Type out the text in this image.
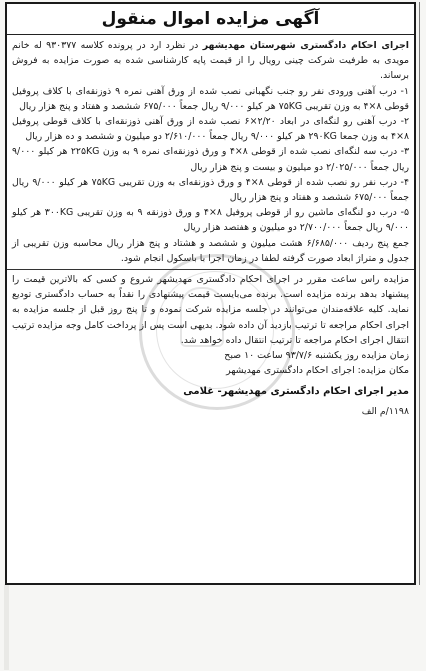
آگهی مزایده اموال منقول

اجرای احکام دادگستری شهرستان مهدیشهر در نظرد ارد در پرونده کلاسه ۹۳۰۳۷۷ له خانم مویدی به طرفیت شرکت چینی رویال را از قیمت پایه کارشناسی شده به صورت مزایده به فروش برساند.

۱- درب آهنی ورودی نفر رو جنب نگهبانی نصب شده از ورق آهنی نمره ۹ ذوزنقه‌ای با کلاف پروفیل قوطی ۸×۴ به وزن تقریبی ۷۵KG هر کیلو ۹/۰۰۰ ریال جمعاً ۶۷۵/۰۰۰ ششصد و هفتاد و پنج هزار ریال

۲- درب آهنی رو لنگه‌ای در ابعاد ۲/۲۰×۶ نصب شده از ورق آهنی ذوزنقه‌ای با کلاف قوطی پروفیل ۸×۴ به وزن جمعا ۲۹۰KG هر کیلو ۹/۰۰۰ ریال جمعاً ۲/۶۱۰/۰۰۰ دو میلیون و ششصد و ده هزار ریال

۳- درب سه لنگه‌ای نصب شده از قوطی ۸×۴ و ورق ذوزنقه‌ای نمره ۹ به وزن ۲۲۵KG هر کیلو ۹/۰۰۰ ریال جمعاً ۲/۰۲۵/۰۰۰ دو میلیون و بیست و پنج هزار ریال

۴- درب نفر رو نصب شده از قوطی ۸×۴ و ورق ذوزنقه‌ای به وزن تقریبی ۷۵KG هر کیلو ۹/۰۰۰ ریال جمعاً ۶۷۵/۰۰۰ ششصد و هفتاد و پنج هزار ریال

۵- درب دو لنگه‌ای ماشین رو از قوطی پروفیل ۸×۴ و ورق ذوزنقه ۹ به وزن تقریبی ۳۰۰KG هر کیلو ۹/۰۰۰ ریال جمعاً ۲/۷۰۰/۰۰۰ دو میلیون و هفتصد هزار ریال

جمع پنج ردیف ۶/۶۸۵/۰۰۰ هشت میلیون و ششصد و هشتاد و پنج هزار ریال محاسبه وزن تقریبی از جدول و متراژ ابعاد صورت گرفته لطفا در زمان اجرا با باسکول انجام شود.

مزایده راس ساعت مقرر در اجرای احکام دادگستری مهدیشهر شروع و کسی که بالاترین قیمت را پیشنهاد بدهد برنده مزایده است. برنده می‌بایست قیمت پیشنهادی را نقداً به حساب دادگستری تودیع نماید. کلیه علاقه‌مندان می‌توانند در جلسه مزایده شرکت نموده و تا پنج روز قبل از جلسه مزایده به اجرای احکام مراجعه تا ترتیب بازدید آن داده شود. بدیهی است پس از پرداخت کامل وجه مزایده ترتیب انتقال اجرای احکام مراجعه تا ترتیب انتقال داده خواهد شد.

زمان مزایده روز یکشنبه ۹۳/۷/۶ ساعت ۱۰ صبح

مکان مزایده: اجرای احکام دادگستری مهدیشهر

مدیر اجرای احکام دادگستری مهدیشهر- غلامی
۱۱۹۸/م الف
